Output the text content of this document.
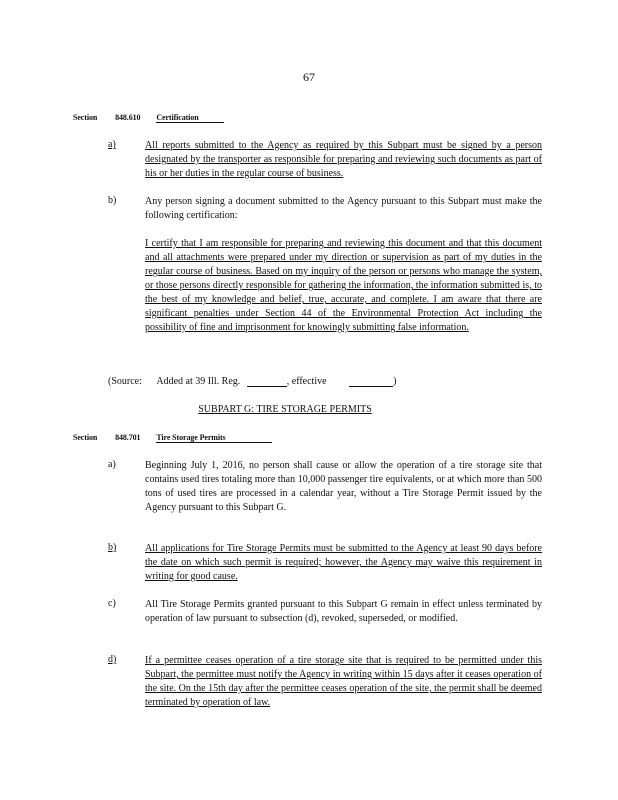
67
Section 848.610 Certification
a)	All reports submitted to the Agency as required by this Subpart must be signed by a person designated by the transporter as responsible for preparing and reviewing such documents as part of his or her duties in the regular course of business.
b)	Any person signing a document submitted to the Agency pursuant to this Subpart must make the following certification:
I certify that I am responsible for preparing and reviewing this document and that this document and all attachments were prepared under my direction or supervision as part of my duties in the regular course of business. Based on my inquiry of the person or persons who manage the system, or those persons directly responsible for gathering the information, the information submitted is, to the best of my knowledge and belief, true, accurate, and complete. I am aware that there are significant penalties under Section 44 of the Environmental Protection Act including the possibility of fine and imprisonment for knowingly submitting false information.
(Source: Added at 39 Ill. Reg.	, effective	)
SUBPART G: TIRE STORAGE PERMITS
Section 848.701 Tire Storage Permits
a)	Beginning July 1, 2016, no person shall cause or allow the operation of a tire storage site that contains used tires totaling more than 10,000 passenger tire equivalents, or at which more than 500 tons of used tires are processed in a calendar year, without a Tire Storage Permit issued by the Agency pursuant to this Subpart G.
b)	All applications for Tire Storage Permits must be submitted to the Agency at least 90 days before the date on which such permit is required; however, the Agency may waive this requirement in writing for good cause.
c)	All Tire Storage Permits granted pursuant to this Subpart G remain in effect unless terminated by operation of law pursuant to subsection (d), revoked, superseded, or modified.
d)	If a permittee ceases operation of a tire storage site that is required to be permitted under this Subpart, the permittee must notify the Agency in writing within 15 days after it ceases operation of the site. On the 15th day after the permittee ceases operation of the site, the permit shall be deemed terminated by operation of law.
